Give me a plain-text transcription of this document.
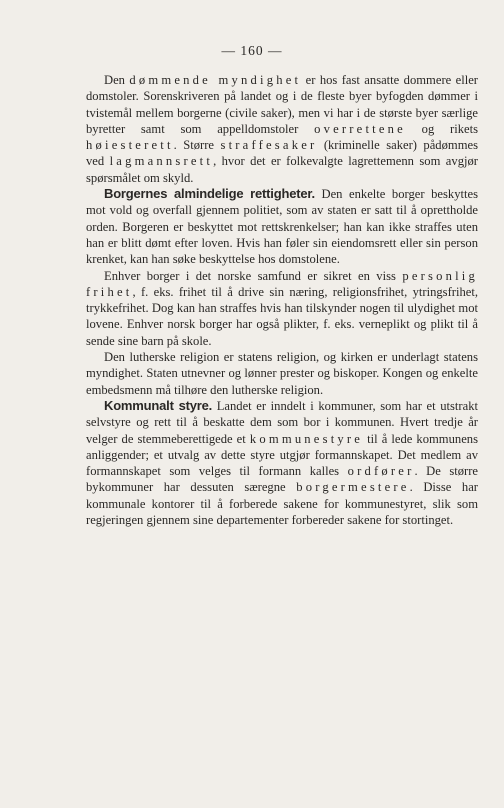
— 160 —

Den dømmende myndighet er hos fast ansatte dommere eller domstoler. Sorenskriveren på landet og i de fleste byer byfogden dømmer i tvistemål mellem borgerne (civile saker), men vi har i de største byer særlige byretter samt som appelldomstoler overrettene og rikets høiesterett. Større straffesaker (kriminelle saker) pådømmes ved lagmannsrett, hvor det er folkevalgte lagrettemenn som avgjør spørsmålet om skyld.

Borgernes almindelige rettigheter. Den enkelte borger beskyttes mot vold og overfall gjennem politiet, som av staten er satt til å oprettholde orden. Borgeren er beskyttet mot rettskrenkelser; han kan ikke straffes uten han er blitt dømt efter loven. Hvis han føler sin eiendomsrett eller sin person krenket, kan han søke beskyttelse hos domstolene.

Enhver borger i det norske samfund er sikret en viss personlig frihet, f. eks. frihet til å drive sin næring, religionsfrihet, ytringsfrihet, trykkefrihet. Dog kan han straffes hvis han tilskynder nogen til ulydighet mot lovene. Enhver norsk borger har også plikter, f. eks. verneplikt og plikt til å sende sine barn på skole.

Den lutherske religion er statens religion, og kirken er underlagt statens myndighet. Staten utnevner og lønner prester og biskoper. Kongen og enkelte embedsmenn må tilhøre den lutherske religion.

Kommunalt styre. Landet er inndelt i kommuner, som har et utstrakt selvstyre og rett til å beskatte dem som bor i kommunen. Hvert tredje år velger de stemmeberettigede et kommunestyre til å lede kommunens anliggender; et utvalg av dette styre utgjør formannskapet. Det medlem av formannskapet som velges til formann kalles ordfører. De større bykommuner har dessuten særegne borgermestere. Disse har kommunale kontorer til å forberede sakene for kommunestyret, slik som regjeringen gjennem sine departementer forbereder sakene for stortinget.
